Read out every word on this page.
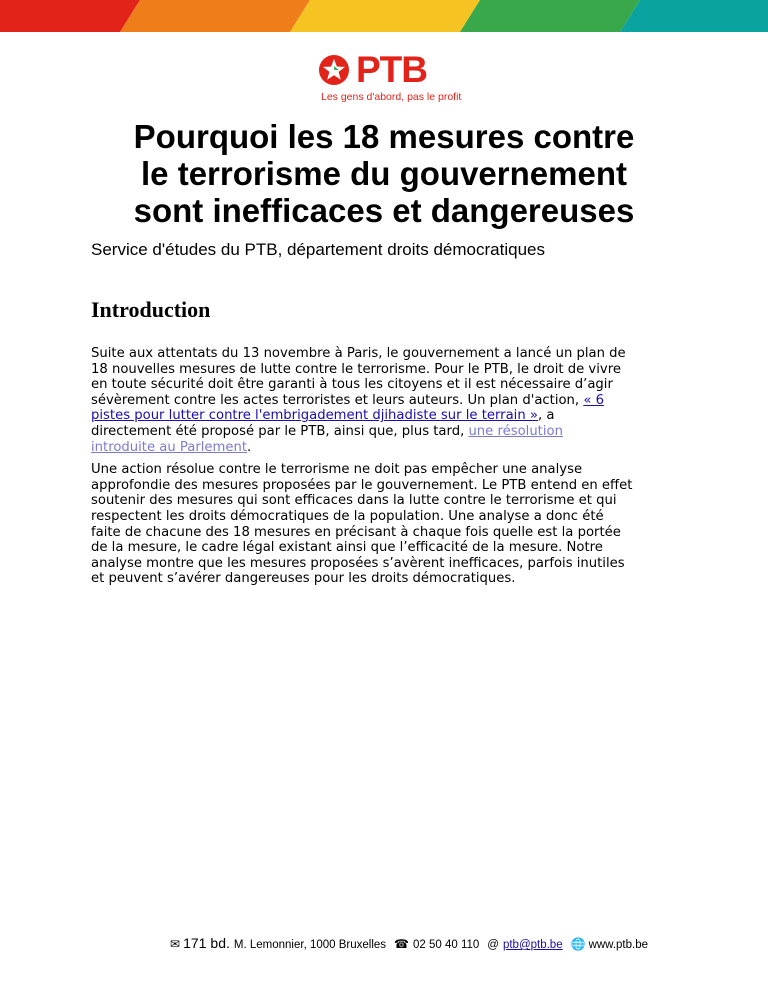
PTB
Les gens d'abord, pas le profit
Pourquoi les 18 mesures contre
le terrorisme du gouvernement
sont inefficaces et dangereuses

Service d'études du PTB, département droits démocratiques

Introduction

Suite aux attentats du 13 novembre à Paris, le gouvernement a lancé un plan de
18 nouvelles mesures de lutte contre le terrorisme. Pour le PTB, le droit de vivre
en toute sécurité doit être garanti à tous les citoyens et il est nécessaire d’agir
sévèrement contre les actes terroristes et leurs auteurs. Un plan d'action, « 6
pistes pour lutter contre l'embrigadement djihadiste sur le terrain », a
directement été proposé par le PTB, ainsi que, plus tard, une résolution
introduite au Parlement.

Une action résolue contre le terrorisme ne doit pas empêcher une analyse
approfondie des mesures proposées par le gouvernement. Le PTB entend en effet
soutenir des mesures qui sont efficaces dans la lutte contre le terrorisme et qui
respectent les droits démocratiques de la population. Une analyse a donc été
faite de chacune des 18 mesures en précisant à chaque fois quelle est la portée
de la mesure, le cadre légal existant ainsi que l’efficacité de la mesure. Notre
analyse montre que les mesures proposées s’avèrent inefficaces, parfois inutiles
et peuvent s’avérer dangereuses pour les droits démocratiques.

✉ 171 bd. M. Lemonnier, 1000 Bruxelles ☎ 02 50 40 110 @ ptb@ptb.be 🌐 www.ptb.be
